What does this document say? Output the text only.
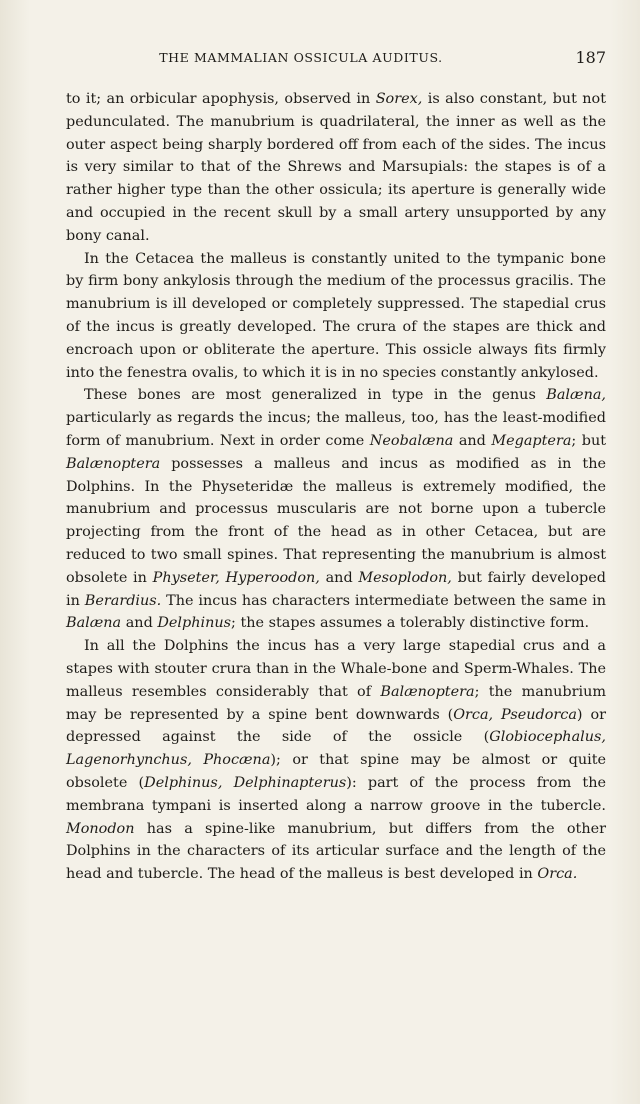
THE MAMMALIAN OSSICULA AUDITUS.	187

to it; an orbicular apophysis, observed in Sorex, is also constant, but not pedunculated. The manubrium is quadrilateral, the inner as well as the outer aspect being sharply bordered off from each of the sides. The incus is very similar to that of the Shrews and Marsupials: the stapes is of a rather higher type than the other ossicula; its aperture is generally wide and occupied in the recent skull by a small artery unsupported by any bony canal.

In the Cetacea the malleus is constantly united to the tympanic bone by firm bony ankylosis through the medium of the processus gracilis. The manubrium is ill developed or completely suppressed. The stapedial crus of the incus is greatly developed. The crura of the stapes are thick and encroach upon or obliterate the aperture. This ossicle always fits firmly into the fenestra ovalis, to which it is in no species constantly ankylosed.

These bones are most generalized in type in the genus Balæna, particularly as regards the incus; the malleus, too, has the least-modified form of manubrium. Next in order come Neobalæna and Megaptera; but Balænoptera possesses a malleus and incus as modified as in the Dolphins. In the Physeteridæ the malleus is extremely modified, the manubrium and processus muscularis are not borne upon a tubercle projecting from the front of the head as in other Cetacea, but are reduced to two small spines. That representing the manubrium is almost obsolete in Physeter, Hyperoodon, and Mesoplodon, but fairly developed in Berardius. The incus has characters intermediate between the same in Balæna and Delphinus; the stapes assumes a tolerably distinctive form.

In all the Dolphins the incus has a very large stapedial crus and a stapes with stouter crura than in the Whale-bone and Sperm-Whales. The malleus resembles considerably that of Balænoptera; the manubrium may be represented by a spine bent downwards (Orca, Pseudorca) or depressed against the side of the ossicle (Globiocephalus, Lagenorhynchus, Phocæna); or that spine may be almost or quite obsolete (Delphinus, Delphinapterus): part of the process from the membrana tympani is inserted along a narrow groove in the tubercle. Monodon has a spine-like manubrium, but differs from the other Dolphins in the characters of its articular surface and the length of the head and tubercle. The head of the malleus is best developed in Orca.
